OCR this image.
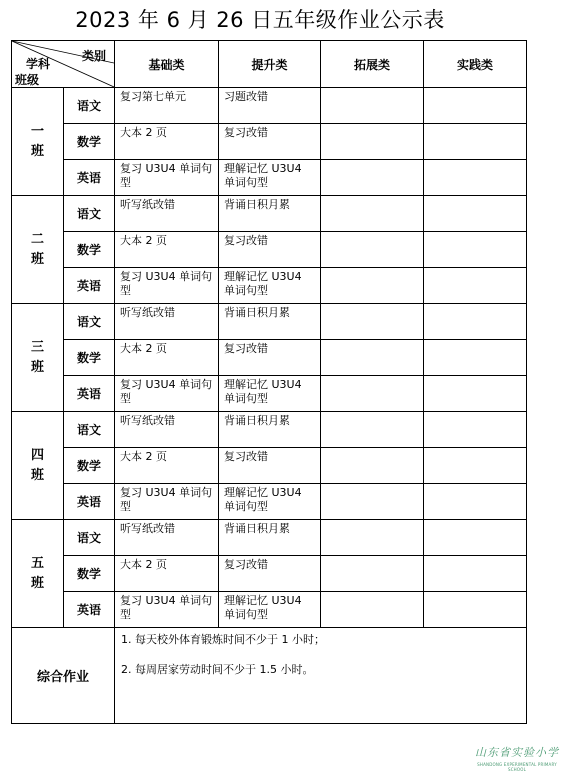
2023 年 6 月 26 日五年级作业公示表
类别
学科
班级		基础类	提升类	拓展类	实践类

一
班	语文	复习第七单元	习题改错		
	数学	大本 2 页	复习改错		
	英语	复习 U3U4 单词句型	理解记忆 U3U4 单词句型		

二
班	语文	听写纸改错	背诵日积月累		
	数学	大本 2 页	复习改错		
	英语	复习 U3U4 单词句型	理解记忆 U3U4 单词句型		

三
班	语文	听写纸改错	背诵日积月累		
	数学	大本 2 页	复习改错		
	英语	复习 U3U4 单词句型	理解记忆 U3U4 单词句型		

四
班	语文	听写纸改错	背诵日积月累		
	数学	大本 2 页	复习改错		
	英语	复习 U3U4 单词句型	理解记忆 U3U4 单词句型		

五
班	语文	听写纸改错	背诵日积月累		
	数学	大本 2 页	复习改错		
	英语	复习 U3U4 单词句型	理解记忆 U3U4 单词句型		
综合作业		1. 每天校外体育锻炼时间不少于 1 小时；

2. 每周居家劳动时间不少于 1.5 小时。			

山东省实验小学
SHANDONG EXPERIMENTAL PRIMARY SCHOOL
